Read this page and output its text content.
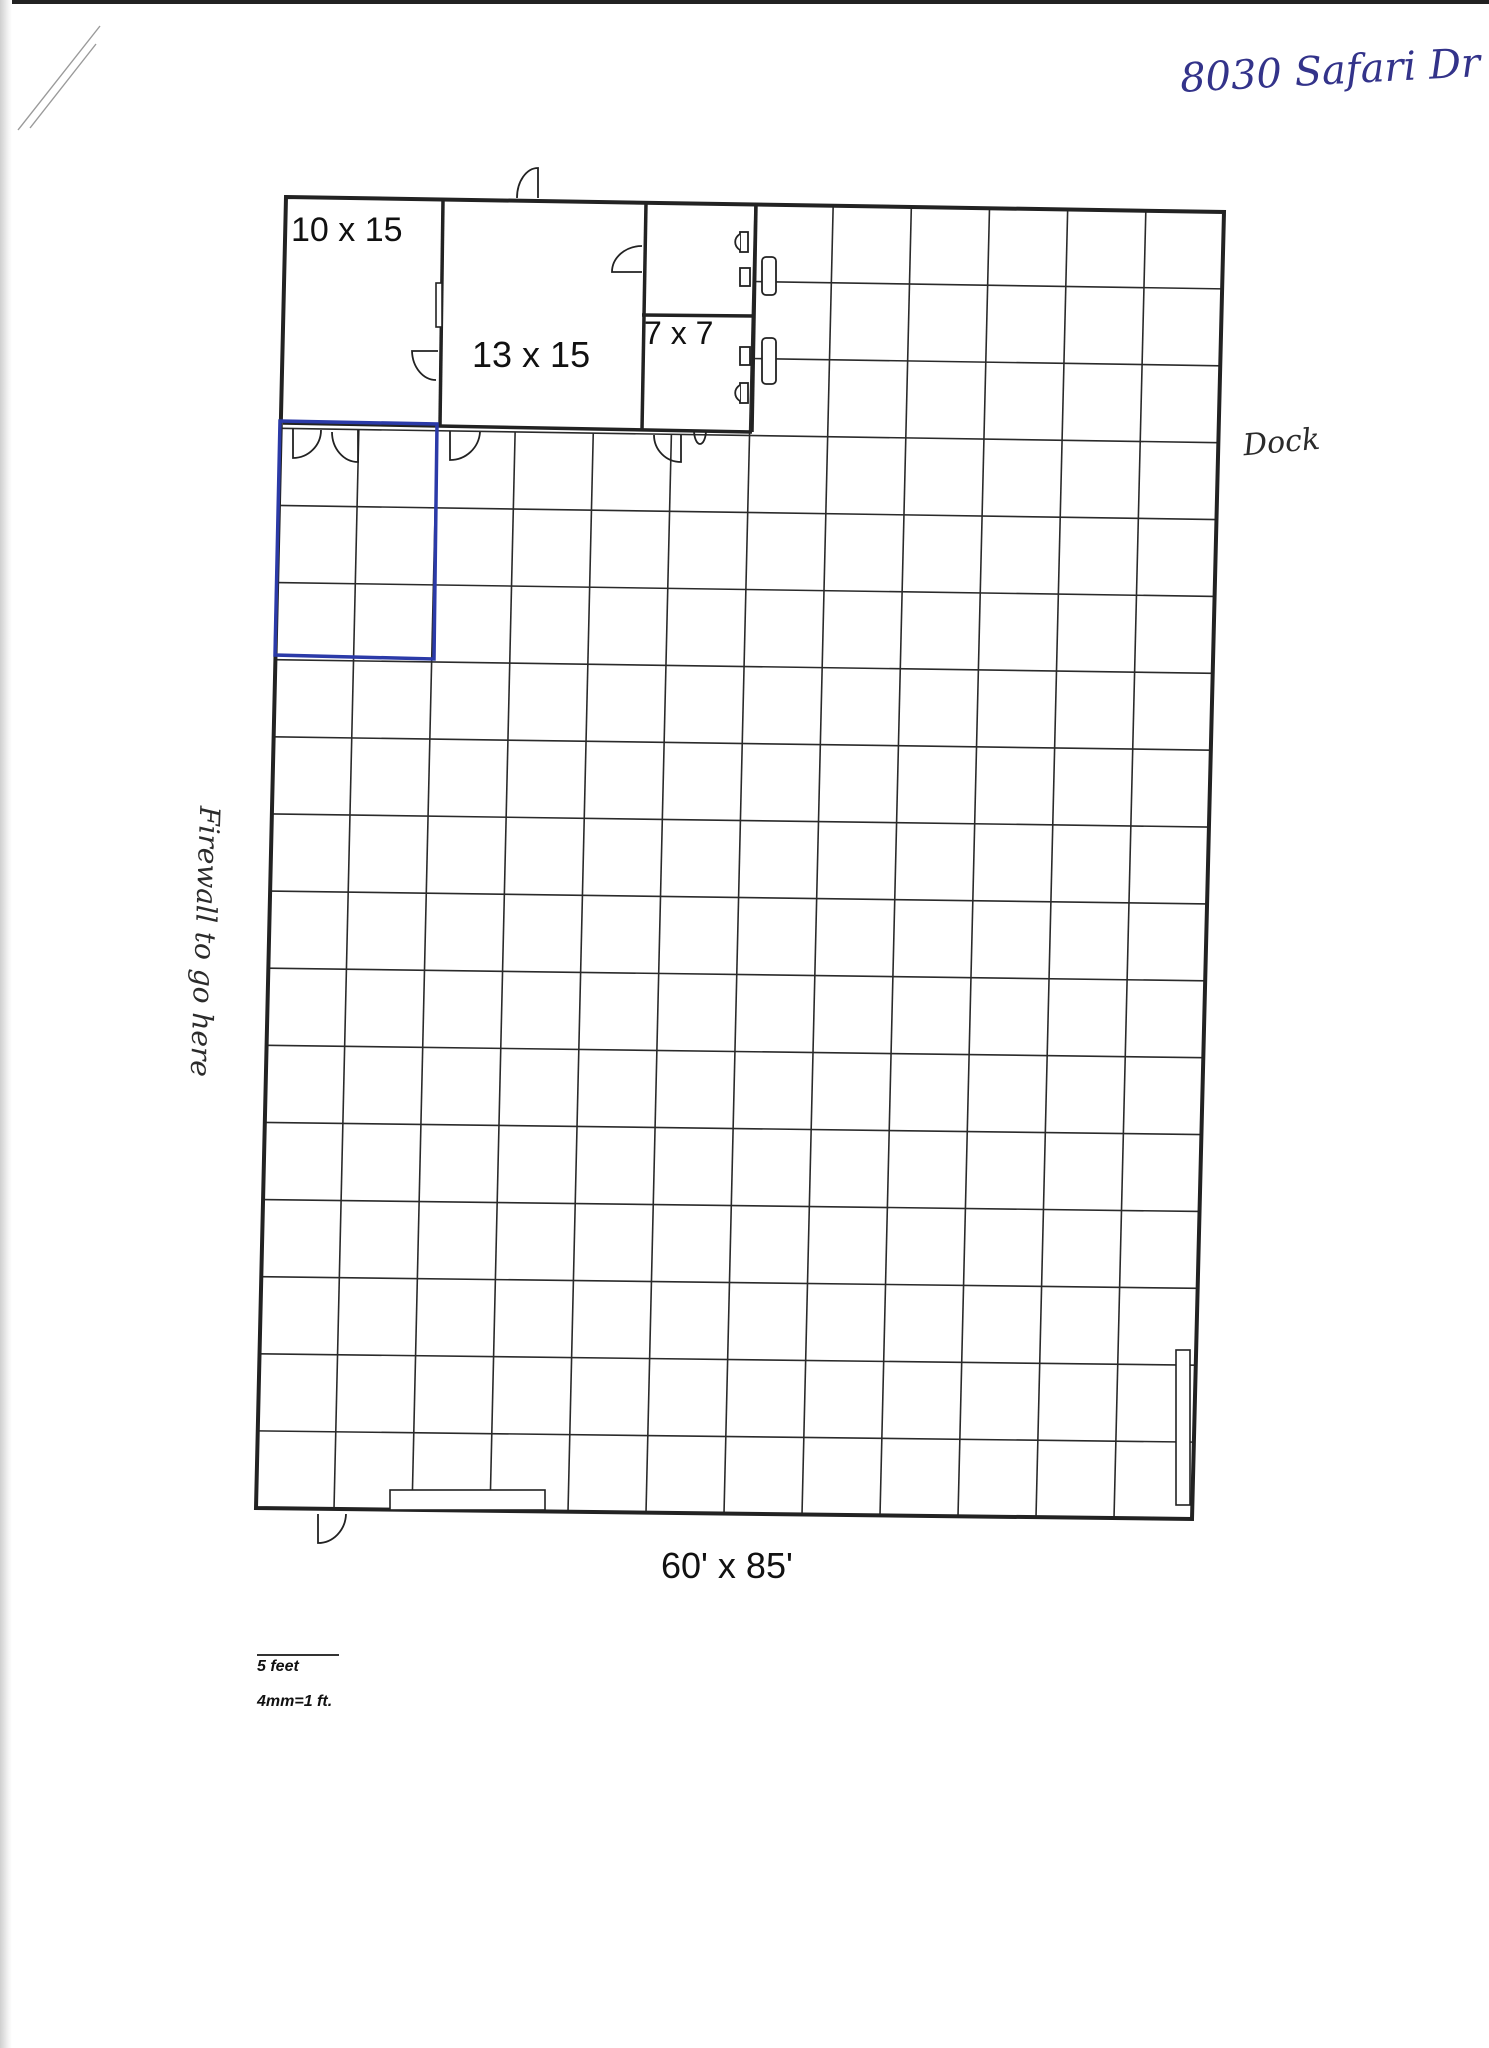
8030 Safari Dr
Dock
Firewall to go here
10 x 15
13 x 15
7 x 7
60' x 85'
5 feet
4mm=1 ft.
